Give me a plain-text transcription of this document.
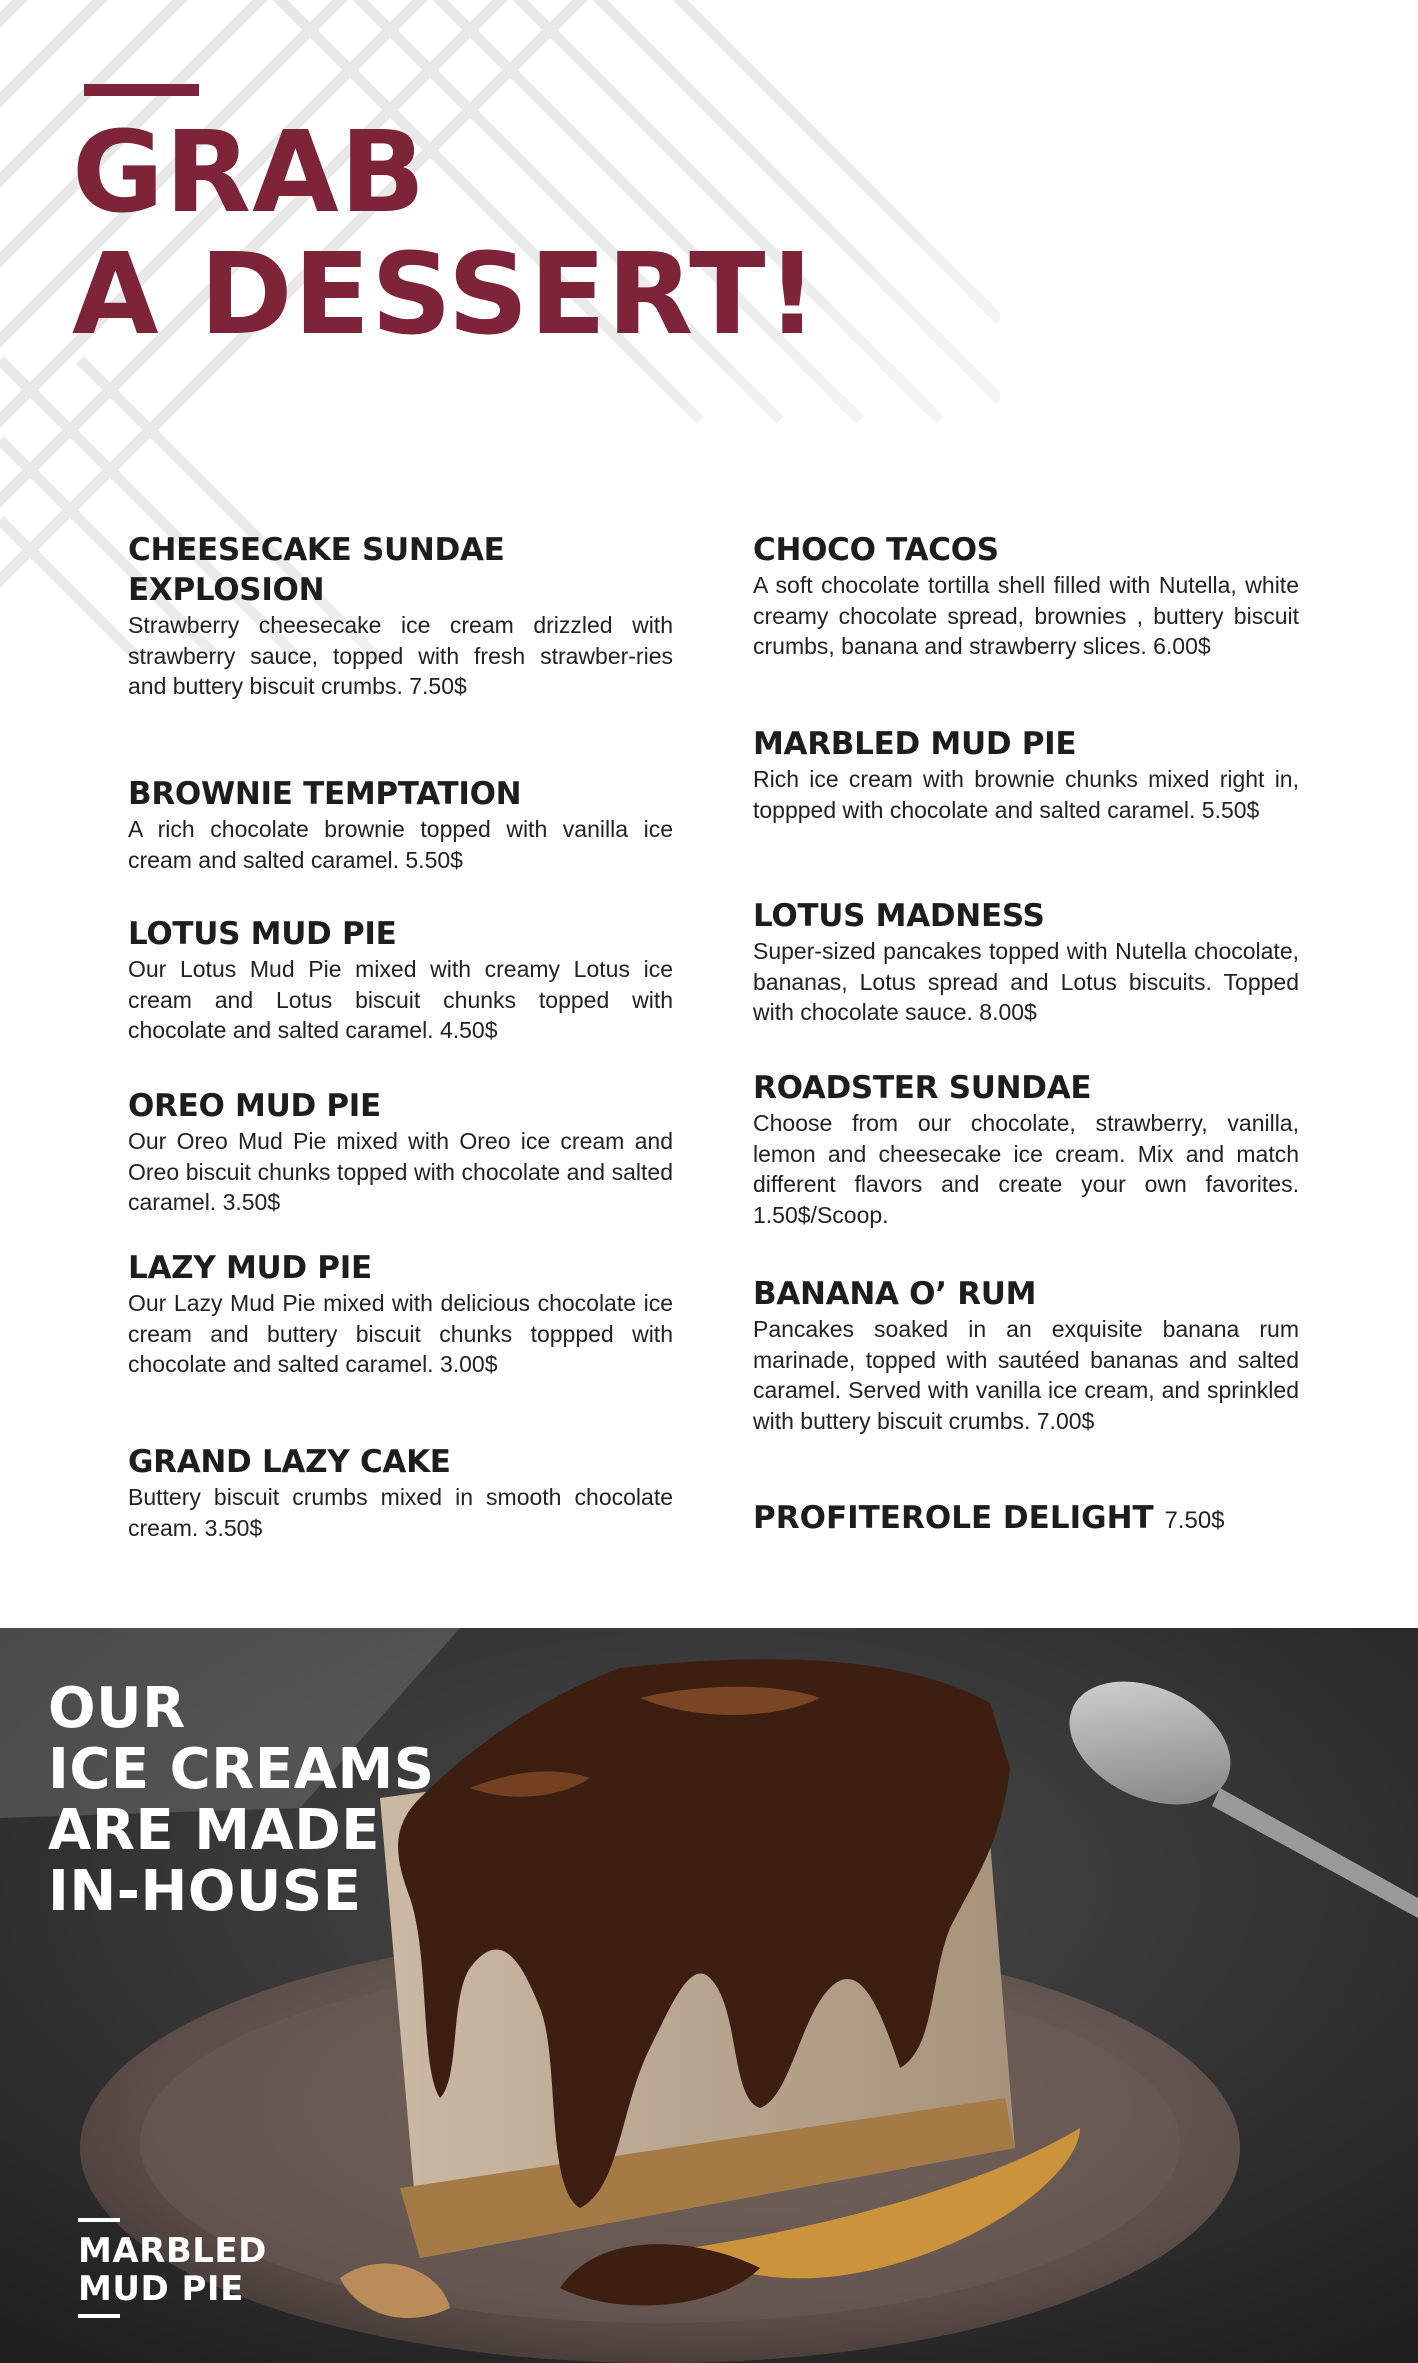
GRAB
A DESSERT!

CHEESECAKE SUNDAE
EXPLOSION

Strawberry cheesecake ice cream drizzled with strawberry sauce, topped with fresh strawber-ries and buttery biscuit crumbs. 7.50$

BROWNIE TEMPTATION

A rich chocolate brownie topped with vanilla ice cream and salted caramel. 5.50$

LOTUS MUD PIE

Our Lotus Mud Pie mixed with creamy Lotus ice cream and Lotus biscuit chunks topped with chocolate and salted caramel. 4.50$

OREO MUD PIE

Our Oreo Mud Pie mixed with Oreo ice cream and Oreo biscuit chunks topped with chocolate and salted caramel. 3.50$

LAZY MUD PIE

Our Lazy Mud Pie mixed with delicious chocolate ice cream and buttery biscuit chunks toppped with chocolate and salted caramel. 3.00$

GRAND LAZY CAKE

Buttery biscuit crumbs mixed in smooth chocolate cream. 3.50$

CHOCO TACOS

A soft chocolate tortilla shell filled with Nutella, white creamy chocolate spread, brownies , buttery biscuit crumbs, banana and strawberry slices. 6.00$

MARBLED MUD PIE

Rich ice cream with brownie chunks mixed right in, toppped with chocolate and salted caramel. 5.50$

LOTUS MADNESS

Super-sized pancakes topped with Nutella chocolate, bananas, Lotus spread and Lotus biscuits. Topped with chocolate sauce. 8.00$

ROADSTER SUNDAE

Choose from our chocolate, strawberry, vanilla, lemon and cheesecake ice cream. Mix and match different flavors and create your own favorites. 1.50$/Scoop.

BANANA O’ RUM

Pancakes soaked in an exquisite banana rum marinade, topped with sautéed bananas and salted caramel. Served with vanilla ice cream, and sprinkled with buttery biscuit crumbs. 7.00$

PROFITEROLE DELIGHT 7.50$

OUR
ICE CREAMS
ARE MADE
IN-HOUSE

MARBLED
MUD PIE
